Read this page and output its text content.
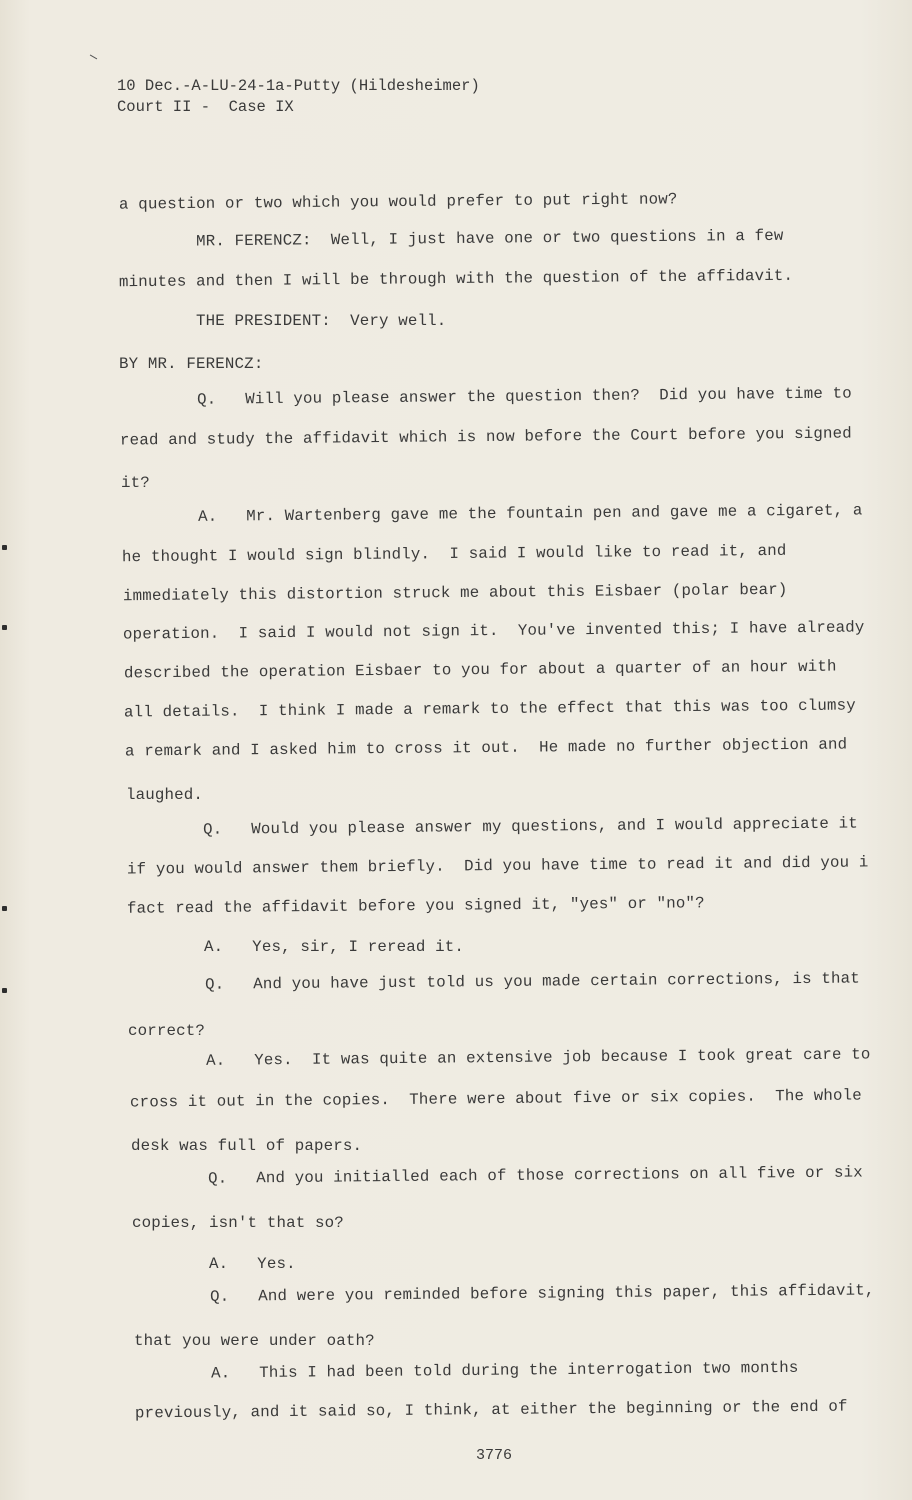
10 Dec.-A-LU-24-1a-Putty (Hildesheimer)
Court II -  Case IX
a question or two which you would prefer to put right now?
MR. FERENCZ:  Well, I just have one or two questions in a few
minutes and then I will be through with the question of the affidavit.
THE PRESIDENT:  Very well.
BY MR. FERENCZ:
Q.   Will you please answer the question then?  Did you have time to
read and study the affidavit which is now before the Court before you signed
it?
A.   Mr. Wartenberg gave me the fountain pen and gave me a cigaret, a
he thought I would sign blindly.  I said I would like to read it, and
immediately this distortion struck me about this Eisbaer (polar bear)
operation.  I said I would not sign it.  You've invented this; I have already
described the operation Eisbaer to you for about a quarter of an hour with
all details.  I think I made a remark to the effect that this was too clumsy
a remark and I asked him to cross it out.  He made no further objection and
laughed.
Q.   Would you please answer my questions, and I would appreciate it
if you would answer them briefly.  Did you have time to read it and did you i
fact read the affidavit before you signed it, "yes" or "no"?
A.   Yes, sir, I reread it.
Q.   And you have just told us you made certain corrections, is that
correct?
A.   Yes.  It was quite an extensive job because I took great care to
cross it out in the copies.  There were about five or six copies.  The whole
desk was full of papers.
Q.   And you initialled each of those corrections on all five or six
copies, isn't that so?
A.   Yes.
Q.   And were you reminded before signing this paper, this affidavit,
that you were under oath?
A.   This I had been told during the interrogation two months
previously, and it said so, I think, at either the beginning or the end of
3776
